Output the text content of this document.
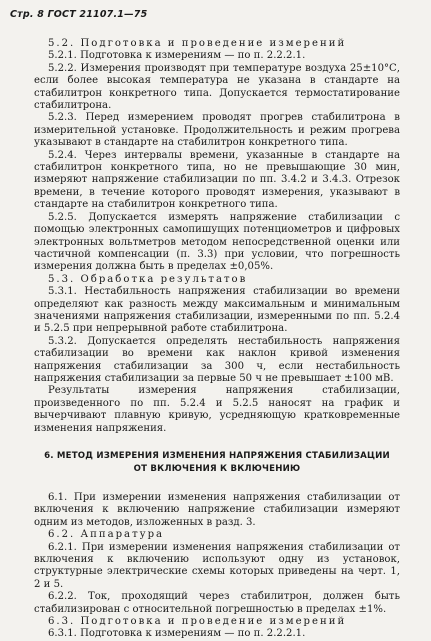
Стр. 8 ГОСТ 21107.1—75

5.2. Подготовка и проведение измерений

5.2.1. Подготовка к измерениям — по п. 2.2.2.1.

5.2.2. Измерения производят при температуре воздуха 25±10°С, если более высокая температура не указана в стандарте на стабилитрон конкретного типа. Допускается термостатирование стабилитрона.

5.2.3. Перед измерением проводят прогрев стабилитрона в измерительной установке. Продолжительность и режим прогрева указывают в стандарте на стабилитрон конкретного типа.

5.2.4. Через интервалы времени, указанные в стандарте на стабилитрон конкретного типа, но не превышающие 30 мин, измеряют напряжение стабилизации по пп. 3.4.2 и 3.4.3. Отрезок времени, в течение которого проводят измерения, указывают в стандарте на стабилитрон конкретного типа.

5.2.5. Допускается измерять напряжение стабилизации с помощью электронных самопишущих потенциометров и цифровых электронных вольтметров методом непосредственной оценки или частичной компенсации (п. 3.3) при условии, что погрешность измерения должна быть в пределах ±0,05%.

5.3. Обработка результатов

5.3.1. Нестабильность напряжения стабилизации во времени определяют как разность между максимальным и минимальным значениями напряжения стабилизации, измеренными по пп. 5.2.4 и 5.2.5 при непрерывной работе стабилитрона.

5.3.2. Допускается определять нестабильность напряжения стабилизации во времени как наклон кривой изменения напряжения стабилизации за 300 ч, если нестабильность напряжения стабилизации за первые 50 ч не превышает ±100 мВ.

Результаты измерения напряжения стабилизации, произведенного по пп. 5.2.4 и 5.2.5 наносят на график и вычерчивают плавную кривую, усредняющую кратковременные изменения напряжения.

6. МЕТОД ИЗМЕРЕНИЯ ИЗМЕНЕНИЯ НАПРЯЖЕНИЯ СТАБИЛИЗАЦИИ
ОТ ВКЛЮЧЕНИЯ К ВКЛЮЧЕНИЮ

6.1. При измерении изменения напряжения стабилизации от включения к включению напряжение стабилизации измеряют одним из методов, изложенных в разд. 3.

6.2. Аппаратура

6.2.1. При измерении изменения напряжения стабилизации от включения к включению используют одну из установок, структурные электрические схемы которых приведены на черт. 1, 2 и 5.

6.2.2. Ток, проходящий через стабилитрон, должен быть стабилизирован с относительной погрешностью в пределах ±1%.

6.3. Подготовка и проведение измерений

6.3.1. Подготовка к измерениям — по п. 2.2.2.1.
